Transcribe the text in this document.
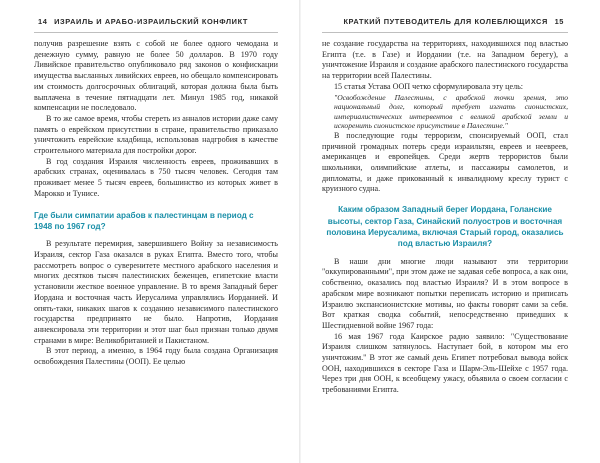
14 ИЗРАИЛЬ И АРАБО-ИЗРАИЛЬСКИЙ КОНФЛИКТ

получив разрешение взять с собой не более одного чемодана и денежную сумму, равную не более 50 долларов. В 1970 году Ливийское правительство опубликовало ряд законов о конфискации имущества высланных ливийских евреев, но обещало компенсировать им стоимость долгосрочных облигаций, которая должна была быть выплачена в течение пятнадцати лет. Минул 1985 год, никакой компенсации не последовало.

В то же самое время, чтобы стереть из анналов истории даже саму память о еврейском присутствии в стране, правительство приказало уничтожить еврейские кладбища, использовав надгробия в качестве строительного материала для постройки дорог.

В год создания Израиля численность евреев, проживавших в арабских странах, оценивалась в 750 тысяч человек. Сегодня там проживает менее 5 тысяч евреев, большинство из которых живет в Марокко и Тунисе.

Где были симпатии арабов к палестинцам в период с 1948 по 1967 год?

В результате перемирия, завершившего Войну за независимость Израиля, сектор Газа оказался в руках Египта. Вместо того, чтобы рассмотреть вопрос о суверенитете местного арабского населения и многих десятков тысяч палестинских беженцев, египетские власти установили жесткое военное управление. В то время Западный берег Иордана и восточная часть Иерусалима управлялись Иорданией. И опять-таки, никаких шагов к созданию независимого палестинского государства предпринято не было. Напротив, Иордания аннексировала эти территории и этот шаг был признан только двумя странами в мире: Великобританией и Пакистаном.

В этот период, а именно, в 1964 году была создана Организация освобождения Палестины (ООП). Ее целью

КРАТКИЙ ПУТЕВОДИТЕЛЬ ДЛЯ КОЛЕБЛЮЩИХСЯ 15

не создание государства на территориях, находившихся под властью Египта (т.е. в Газе) и Иордании (т.е. на Западном берегу), а уничтожение Израиля и создание арабского палестинского государства на территории всей Палестины.

15 статья Устава ООП четко сформулировала эту цель:

"Освобождение Палестины, с арабской точки зрения, это национальный долг, который требует изгнать сионистских, империалистических интервентов с великой арабской земли и искоренить сионистское присутствие в Палестине."

В последующие годы терроризм, спонсируемый ООП, стал причиной громадных потерь среди израильтян, евреев и неевреев, американцев и европейцев. Среди жертв террористов были школьники, олимпийские атлеты, и пассажиры самолетов, и дипломаты, и даже прикованный к инвалидному креслу турист с круизного судна.

Каким образом Западный берег Иордана, Голанские высоты, сектор Газа, Синайский полуостров и восточная половина Иерусалима, включая Старый город, оказались под властью Израиля?

В наши дни многие люди называют эти территории "оккупированными", при этом даже не задавая себе вопроса, а как они, собственно, оказались под властью Израиля? И в этом вопросе в арабском мире возникают попытки переписать историю и приписать Израилю экспансионистские мотивы, но факты говорят сами за себя. Вот краткая сводка событий, непосредственно приведших к Шестидневной войне 1967 года:

16 мая 1967 года Каирское радио заявило: "Существование Израиля слишком затянулось. Наступает бой, в котором мы его уничтожим." В этот же самый день Египет потребовал вывода войск ООН, находившихся в секторе Газа и Шарм-Эль-Шейхе с 1957 года. Через три дня ООН, к всеобщему ужасу, объявила о своем согласии с требованиями Египта.
